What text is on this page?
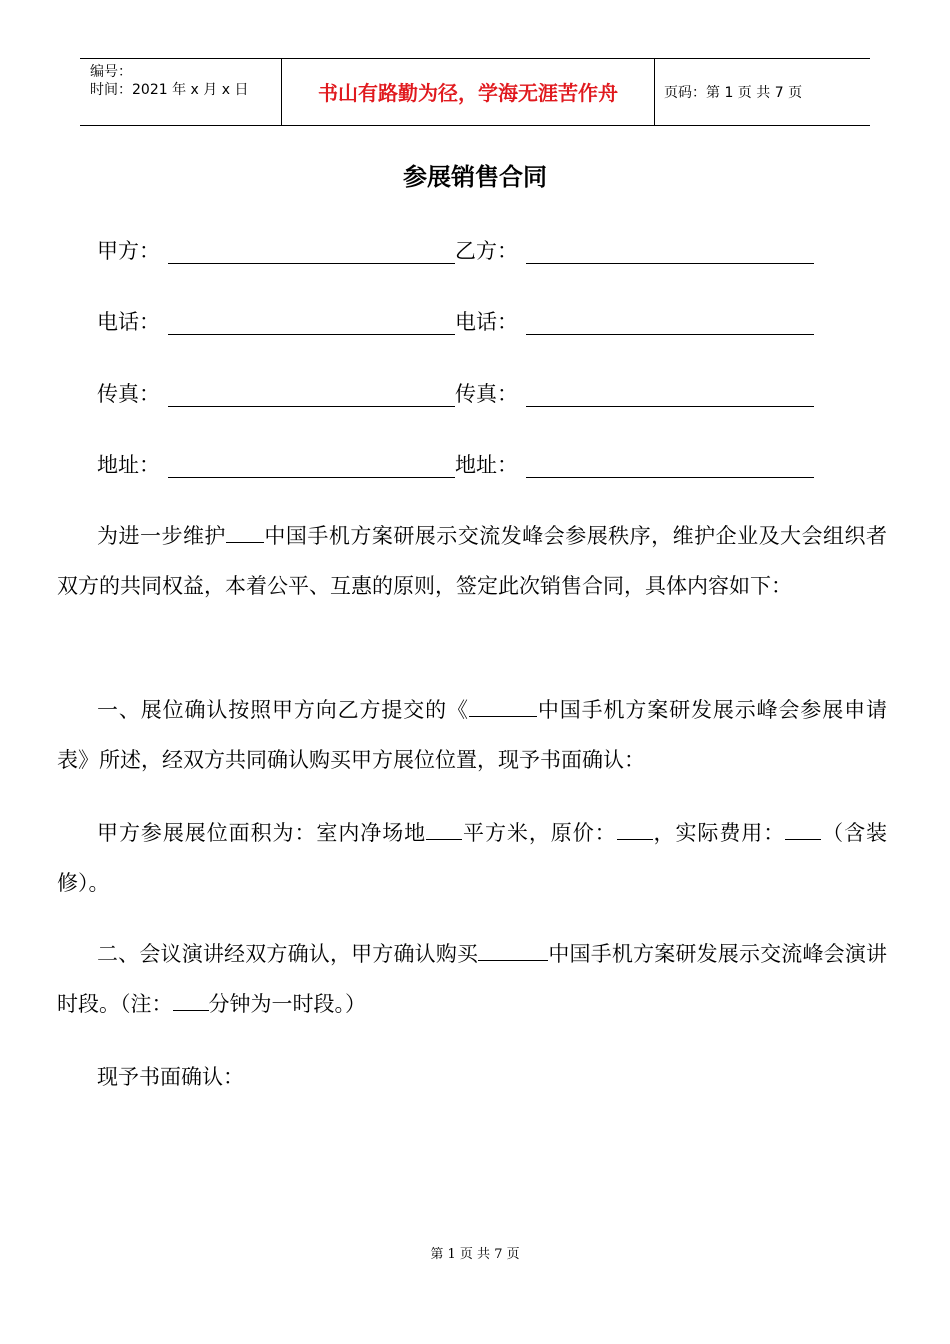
编号：
时间：2021 年 x 月 x 日	书山有路勤为径，学海无涯苦作舟	页码：第 1 页 共 7 页
参展销售合同
甲方：	乙方：
电话：	电话：
传真：	传真：
地址：	地址：
为进一步维护 中国手机方案研展示交流发峰会参展秩序，维护企业及大会组织者双方的共同权益，本着公平、互惠的原则，签定此次销售合同，具体内容如下：
一、展位确认按照甲方向乙方提交的《	中国手机方案研发展示峰会参展申请表》所述，经双方共同确认购买甲方展位位置，现予书面确认：
甲方参展展位面积为：室内净场地 平方米，原价： ，实际费用： （含装修）。
二、会议演讲经双方确认，甲方确认购买	中国手机方案研发展示交流峰会演讲时段。（注： 分钟为一时段。）
现予书面确认：
第 1 页 共 7 页
